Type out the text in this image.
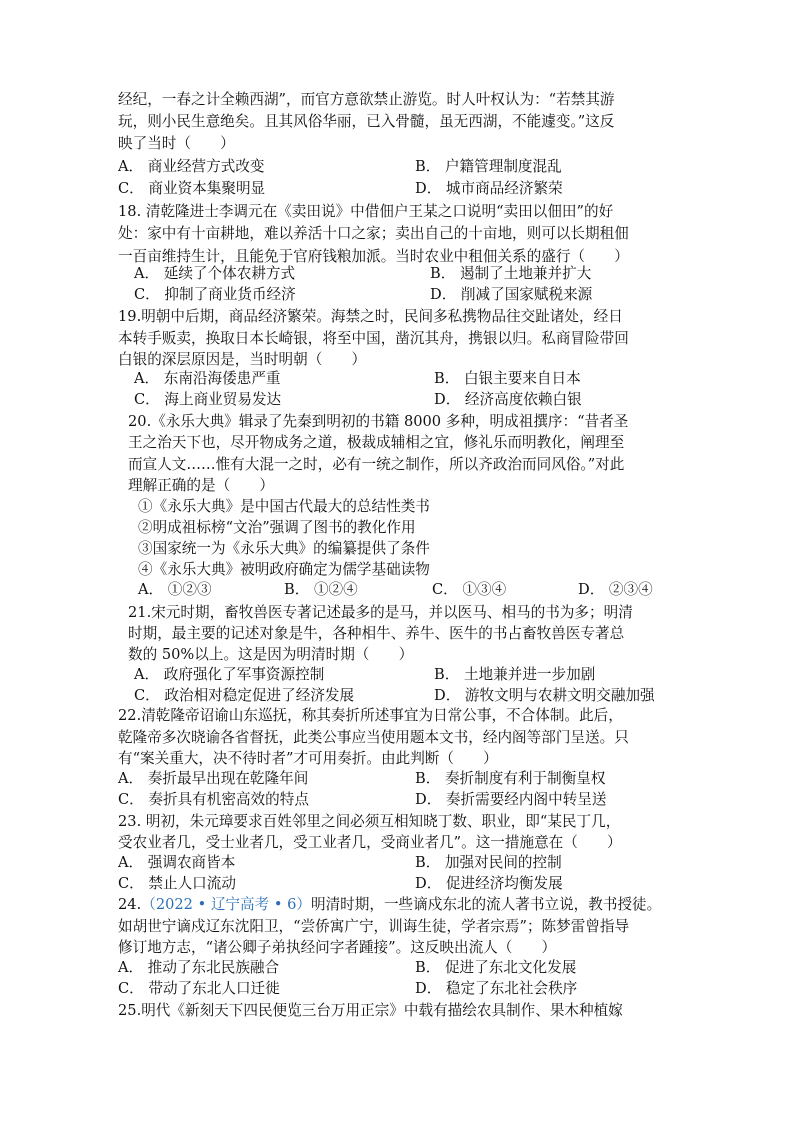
经纪，一春之计全赖西湖”，而官方意欲禁止游览。时人叶权认为：“若禁其游
玩，则小民生意绝矣。且其风俗华丽，已入骨髓，虽无西湖，不能遽变。”这反
映了当时（　　）
A． 商业经营方式改变	B． 户籍管理制度混乱
C． 商业资本集聚明显	D． 城市商品经济繁荣
18. 清乾隆进士李调元在《卖田说》中借佃户王某之口说明“卖田以佃田”的好
处：家中有十亩耕地，难以养活十口之家；卖出自己的十亩地，则可以长期租佃
一百亩维持生计，且能免于官府钱粮加派。当时农业中租佃关系的盛行（　　）
A． 延续了个体农耕方式	B． 遏制了土地兼并扩大
C． 抑制了商业货币经济	D． 削减了国家赋税来源
19.明朝中后期，商品经济繁荣。海禁之时，民间多私携物品往交趾诸处，经日
本转手贩卖，换取日本长崎银，将至中国，凿沉其舟，携银以归。私商冒险带回
白银的深层原因是，当时明朝（　　）
A． 东南沿海倭患严重	B． 白银主要来自日本
C． 海上商业贸易发达	D． 经济高度依赖白银
20.《永乐大典》辑录了先秦到明初的书籍 8000 多种，明成祖撰序：“昔者圣
王之治天下也，尽开物成务之道，极裁成辅相之宜，修礼乐而明教化，阐理至
而宣人文……惟有大混一之时，必有一统之制作，所以齐政治而同风俗。”对此
理解正确的是（　　）
①《永乐大典》是中国古代最大的总结性类书
②明成祖标榜“文治”强调了图书的教化作用
③国家统一为《永乐大典》的编纂提供了条件
④《永乐大典》被明政府确定为儒学基础读物
A． ①②③	B． ①②④	C． ①③④	D． ②③④
21.宋元时期，畜牧兽医专著记述最多的是马，并以医马、相马的书为多；明清
时期，最主要的记述对象是牛，各种相牛、养牛、医牛的书占畜牧兽医专著总
数的 50%以上。这是因为明清时期（　　）
A． 政府强化了军事资源控制	B． 土地兼并进一步加剧
C． 政治相对稳定促进了经济发展	D． 游牧文明与农耕文明交融加强
22.清乾隆帝诏谕山东巡抚，称其奏折所述事宜为日常公事，不合体制。此后，
乾隆帝多次晓谕各省督抚，此类公事应当使用题本文书，经内阁等部门呈送。只
有“案关重大，决不待时者”才可用奏折。由此判断（　　）
A． 奏折最早出现在乾隆年间	B． 奏折制度有利于制衡皇权
C． 奏折具有机密高效的特点	D． 奏折需要经内阁中转呈送
23. 明初，朱元璋要求百姓邻里之间必须互相知晓丁数、职业，即“某民丁几，
受农业者几，受士业者几，受工业者几，受商业者几”。这一措施意在（　　）
A． 强调农商皆本	B． 加强对民间的控制
C． 禁止人口流动	D． 促进经济均衡发展
24.（2022 • 辽宁高考 • 6）明清时期，一些谪戍东北的流人著书立说，教书授徒。
如胡世宁谪戍辽东沈阳卫，“尝侨寓广宁，训诲生徒，学者宗焉”；陈梦雷曾指导
修订地方志，“诸公卿子弟执经问字者踵接”。这反映出流人（　　）
A． 推动了东北民族融合	B． 促进了东北文化发展
C． 带动了东北人口迁徙	D． 稳定了东北社会秩序
25.明代《新刻天下四民便览三台万用正宗》中载有描绘农具制作、果木种植嫁
